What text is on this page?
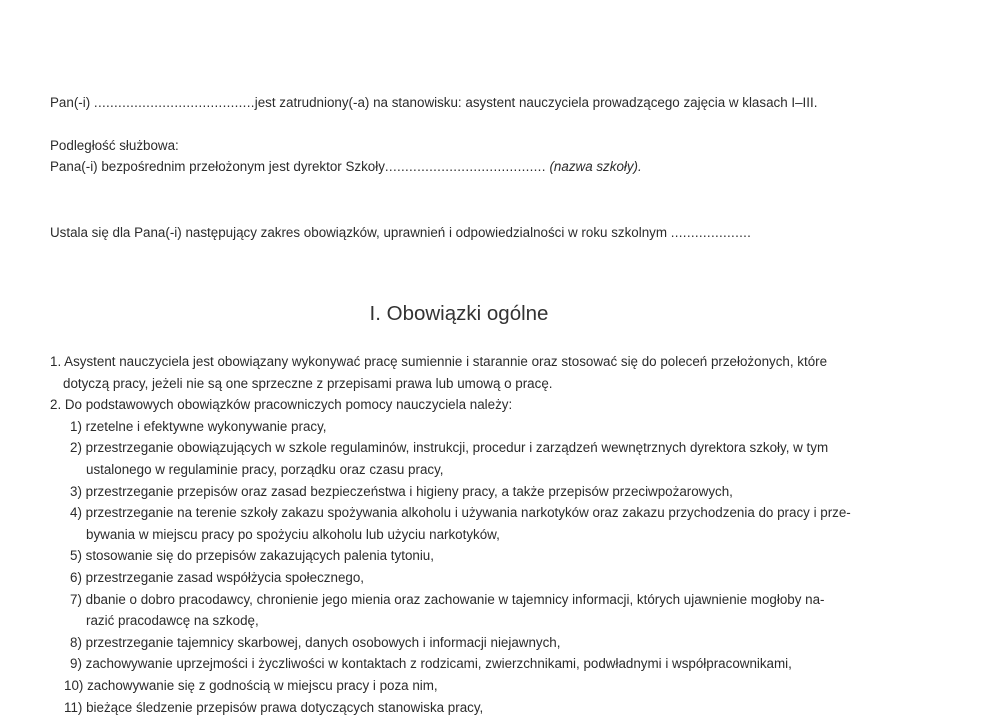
Pan(-i) ........................................jest zatrudniony(-a) na stanowisku: asystent nauczyciela prowadzącego zajęcia w klasach I–III.
Podległość służbowa:
Pana(-i) bezpośrednim przełożonym jest dyrektor Szkoły........................................ (nazwa szkoły).
Ustala się dla Pana(-i) następujący zakres obowiązków, uprawnień i odpowiedzialności w roku szkolnym ....................
I. Obowiązki ogólne
1. Asystent nauczyciela jest obowiązany wykonywać pracę sumiennie i starannie oraz stosować się do poleceń przełożonych, które
dotyczą pracy, jeżeli nie są one sprzeczne z przepisami prawa lub umową o pracę.
2. Do podstawowych obowiązków pracowniczych pomocy nauczyciela należy:
1) rzetelne i efektywne wykonywanie pracy,
2) przestrzeganie obowiązujących w szkole regulaminów, instrukcji, procedur i zarządzeń wewnętrznych dyrektora szkoły, w tym
ustalonego w regulaminie pracy, porządku oraz czasu pracy,
3) przestrzeganie przepisów oraz zasad bezpieczeństwa i higieny pracy, a także przepisów przeciwpożarowych,
4) przestrzeganie na terenie szkoły zakazu spożywania alkoholu i używania narkotyków oraz zakazu przychodzenia do pracy i prze-
bywania w miejscu pracy po spożyciu alkoholu lub użyciu narkotyków,
5) stosowanie się do przepisów zakazujących palenia tytoniu,
6) przestrzeganie zasad współżycia społecznego,
7) dbanie o dobro pracodawcy, chronienie jego mienia oraz zachowanie w tajemnicy informacji, których ujawnienie mogłoby na-
razić pracodawcę na szkodę,
8) przestrzeganie tajemnicy skarbowej, danych osobowych i informacji niejawnych,
9) zachowywanie uprzejmości i życzliwości w kontaktach z rodzicami, zwierzchnikami, podwładnymi i współpracownikami,
10) zachowywanie się z godnością w miejscu pracy i poza nim,
11) bieżące śledzenie przepisów prawa dotyczących stanowiska pracy,
